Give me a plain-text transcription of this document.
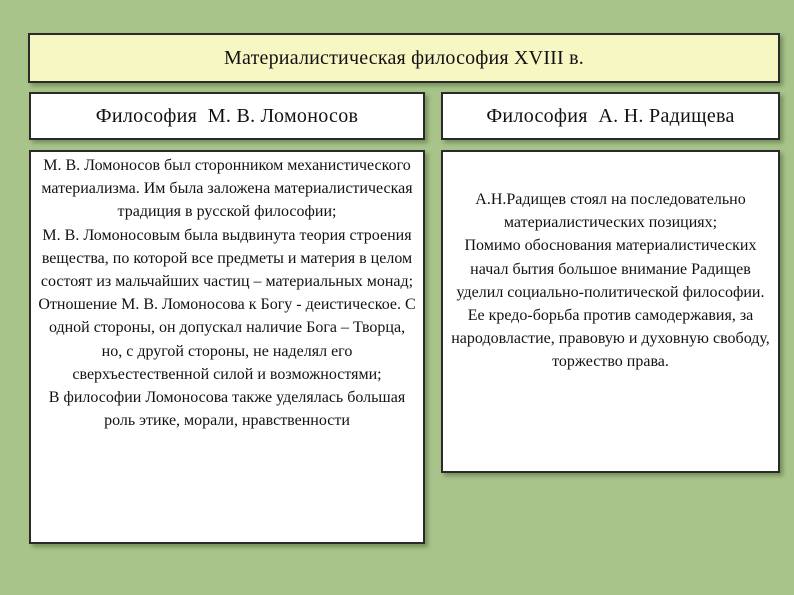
Материалистическая философия XVIII в.
Философия  М. В. Ломоносов	Философия  А. Н. Радищева
М. В. Ломоносов был сторонником механистического материализма. Им была заложена материалистическая традиция в русской философии;
М. В. Ломоносовым была выдвинута теория строения вещества, по которой все предметы и материя в целом состоят из мальчайших частиц – материальных монад;
Отношение М. В. Ломоносова к Богу - деистическое. С одной стороны, он допускал наличие Бога – Творца, но, с другой стороны, не наделял его сверхъестественной силой и возможностями;
В философии Ломоносова также уделялась большая роль этике, морали, нравственности
А.Н.Радищев стоял на последовательно материалистических позициях;
Помимо обоснования материалистических начал бытия большое внимание Радищев уделил социально-политической философии.
Ее кредо-борьба против самодержавия, за народовластие, правовую и духовную свободу, торжество права.
